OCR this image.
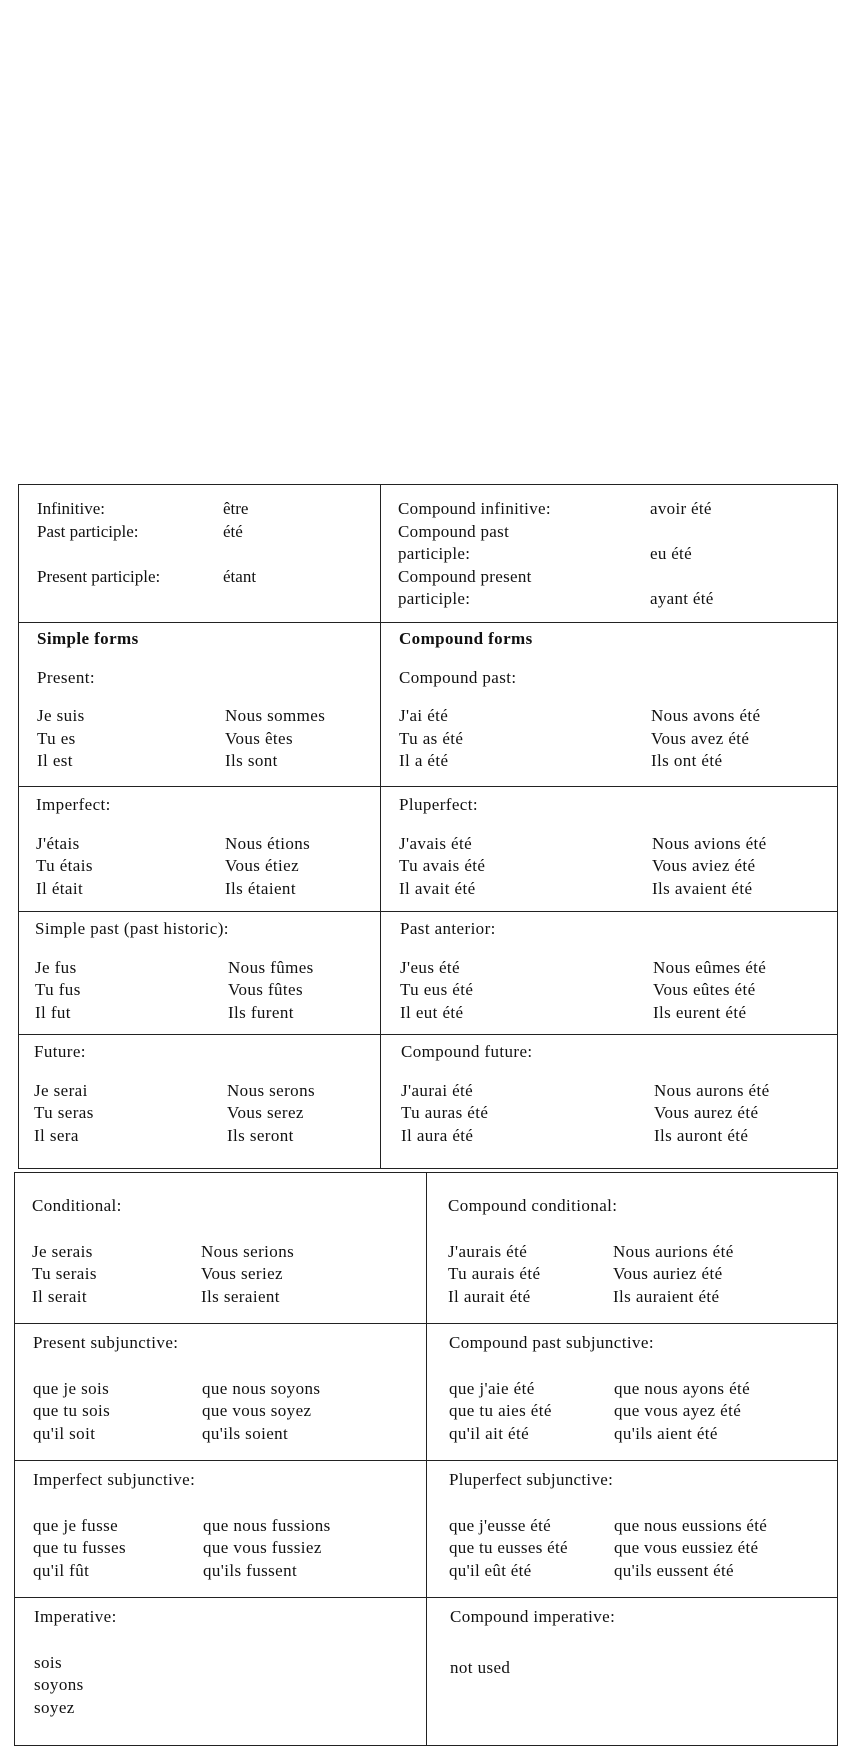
Infinitive:	être
Past participle:	été
Present participle:	étant
Compound infinitive:	avoir été
Compound past
participle:	eu été
Compound present
participle:	ayant été
Simple forms
Present:
Je suis	Nous sommes
Tu es	Vous êtes
Il est	Ils sont
Compound forms
Compound past:
J'ai été	Nous avons été
Tu as été	Vous avez été
Il a été	Ils ont été
Imperfect:
J'étais	Nous étions
Tu étais	Vous étiez
Il était	Ils étaient
Pluperfect:
J'avais été	Nous avions été
Tu avais été	Vous aviez été
Il avait été	Ils avaient été
Simple past (past historic):
Je fus	Nous fûmes
Tu fus	Vous fûtes
Il fut	Ils furent
Past anterior:
J'eus été	Nous eûmes été
Tu eus été	Vous eûtes été
Il eut été	Ils eurent été
Future:
Je serai	Nous serons
Tu seras	Vous serez
Il sera	Ils seront
Compound future:
J'aurai été	Nous aurons été
Tu auras été	Vous aurez été
Il aura été	Ils auront été
Conditional:
Je serais	Nous serions
Tu serais	Vous seriez
Il serait	Ils seraient
Compound conditional:
J'aurais été	Nous aurions été
Tu aurais été	Vous auriez été
Il aurait été	Ils auraient été
Present subjunctive:
que je sois	que nous soyons
que tu sois	que vous soyez
qu'il soit	qu'ils soient
Compound past subjunctive:
que j'aie été	que nous ayons été
que tu aies été	que vous ayez été
qu'il ait été	qu'ils aient été
Imperfect subjunctive:
que je fusse	que nous fussions
que tu fusses	que vous fussiez
qu'il fût	qu'ils fussent
Pluperfect subjunctive:
que j'eusse été	que nous eussions été
que tu eusses été	que vous eussiez été
qu'il eût été	qu'ils eussent été
Imperative:
sois
soyons
soyez
Compound imperative:
not used
